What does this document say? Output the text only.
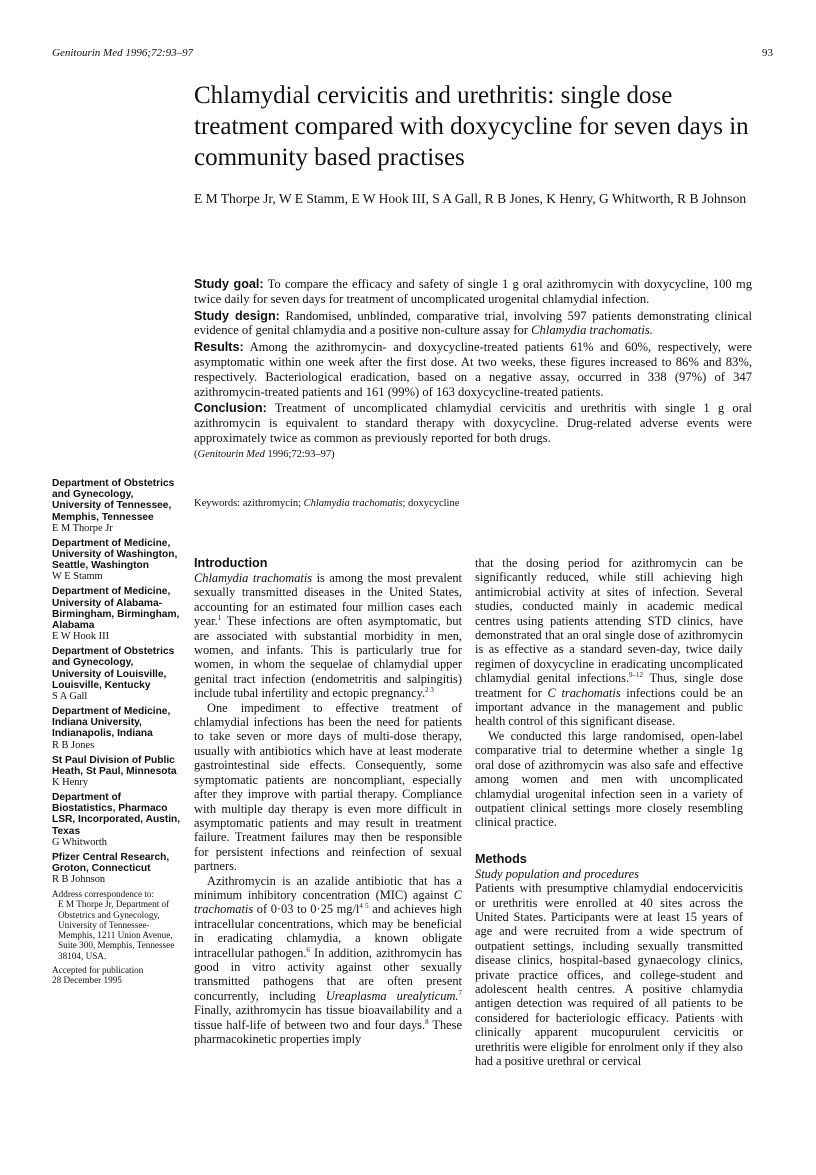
Genitourin Med 1996;72:93–97	93
Chlamydial cervicitis and urethritis: single dose treatment compared with doxycycline for seven days in community based practises
E M Thorpe Jr, W E Stamm, E W Hook III, S A Gall, R B Jones, K Henry, G Whitworth, R B Johnson

Study goal: To compare the efficacy and safety of single 1 g oral azithromycin with doxycycline, 100 mg twice daily for seven days for treatment of uncomplicated urogenital chlamydial infection.

Study design: Randomised, unblinded, comparative trial, involving 597 patients demonstrating clinical evidence of genital chlamydia and a positive non-culture assay for Chlamydia trachomatis.

Results: Among the azithromycin- and doxycycline-treated patients 61% and 60%, respectively, were asymptomatic within one week after the first dose. At two weeks, these figures increased to 86% and 83%, respectively. Bacteriological eradication, based on a negative assay, occurred in 338 (97%) of 347 azithromycin-treated patients and 161 (99%) of 163 doxycycline-treated patients.

Conclusion: Treatment of uncomplicated chlamydial cervicitis and urethritis with single 1 g oral azithromycin is equivalent to standard therapy with doxycycline. Drug-related adverse events were approximately twice as common as previously reported for both drugs.

(Genitourin Med 1996;72:93–97)

Keywords: azithromycin; Chlamydia trachomatis; doxycycline
Department of Obstetrics and Gynecology, University of Tennessee, Memphis, Tennessee
E M Thorpe Jr
Department of Medicine, University of Washington, Seattle, Washington
W E Stamm
Department of Medicine, University of Alabama-Birmingham, Birmingham, Alabama
E W Hook III
Department of Obstetrics and Gynecology, University of Louisville, Louisville, Kentucky
S A Gall
Department of Medicine, Indiana University, Indianapolis, Indiana
R B Jones
St Paul Division of Public Heath, St Paul, Minnesota
K Henry
Department of Biostatistics, Pharmaco LSR, Incorporated, Austin, Texas
G Whitworth
Pfizer Central Research, Groton, Connecticut
R B Johnson
Address correspondence to:
E M Thorpe Jr, Department of Obstetrics and Gynecology, University of Tennessee-Memphis, 1211 Union Avenue, Suite 300, Memphis, Tennessee 38104, USA.
Accepted for publication
28 December 1995
Introduction

Chlamydia trachomatis is among the most prevalent sexually transmitted diseases in the United States, accounting for an estimated four million cases each year.$^1$ These infections are often asymptomatic, but are associated with substantial morbidity in men, women, and infants. This is particularly true for women, in whom the sequelae of chlamydial upper genital tract infection (endometritis and salpingitis) include tubal infertility and ectopic pregnancy.$^{2 3}$

One impediment to effective treatment of chlamydial infections has been the need for patients to take seven or more days of multi-dose therapy, usually with antibiotics which have at least moderate gastrointestinal side effects. Consequently, some symptomatic patients are noncompliant, especially after they improve with partial therapy. Compliance with multiple day therapy is even more difficult in asymptomatic patients and may result in treatment failure. Treatment failures may then be responsible for persistent infections and reinfection of sexual partners.

Azithromycin is an azalide antibiotic that has a minimum inhibitory concentration (MIC) against C trachomatis of 0·03 to 0·25 $mg/l^{4 5}$ and achieves high intracellular concentrations, which may be beneficial in eradicating chlamydia, a known obligate intracellular pathogen.$^6$ In addition, azithromycin has good in vitro activity against other sexually transmitted pathogens that are often present concurrently, including Ureaplasma urealyticum.$^7$ Finally, azithromycin has tissue bioavailability and a tissue half-life of between two and four days.$^8$ These pharmacokinetic properties imply

that the dosing period for azithromycin can be significantly reduced, while still achieving high antimicrobial activity at sites of infection. Several studies, conducted mainly in academic medical centres using patients attending STD clinics, have demonstrated that an oral single dose of azithromycin is as effective as a standard seven-day, twice daily regimen of doxycycline in eradicating uncomplicated chlamydial genital infections.$^{9-12}$ Thus, single dose treatment for C trachomatis infections could be an important advance in the management and public health control of this significant disease.

We conducted this large randomised, open-label comparative trial to determine whether a single 1g oral dose of azithromycin was also safe and effective among women and men with uncomplicated chlamydial urogenital infection seen in a variety of outpatient clinical settings more closely resembling clinical practice.

Methods
Study population and procedures

Patients with presumptive chlamydial endocervicitis or urethritis were enrolled at 40 sites across the United States. Participants were at least 15 years of age and were recruited from a wide spectrum of outpatient settings, including sexually transmitted disease clinics, hospital-based gynaecology clinics, private practice offices, and college-student and adolescent health centres. A positive chlamydia antigen detection was required of all patients to be considered for bacteriologic efficacy. Patients with clinically apparent mucopurulent cervicitis or urethritis were eligible for enrolment only if they also had a positive urethral or cervical
